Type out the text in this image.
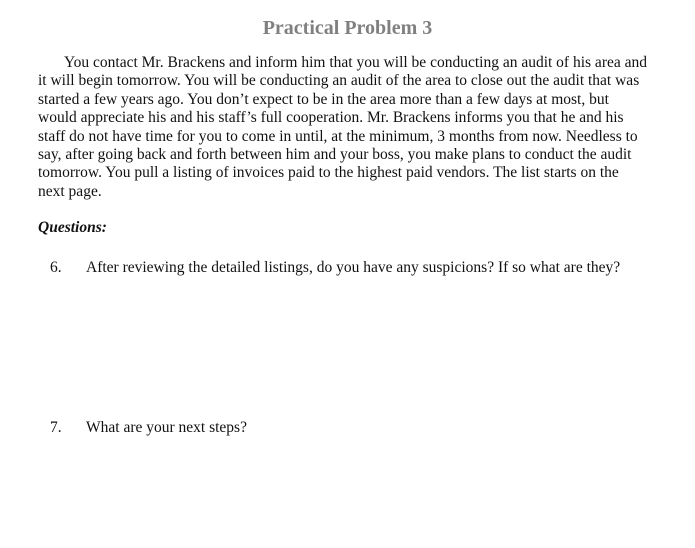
Practical Problem 3

You contact Mr. Brackens and inform him that you will be conducting an audit of his area and
it will begin tomorrow. You will be conducting an audit of the area to close out the audit that was
started a few years ago. You don’t expect to be in the area more than a few days at most, but
would appreciate his and his staff’s full cooperation. Mr. Brackens informs you that he and his
staff do not have time for you to come in until, at the minimum, 3 months from now. Needless to
say, after going back and forth between him and your boss, you make plans to conduct the audit
tomorrow. You pull a listing of invoices paid to the highest paid vendors. The list starts on the
next page.

Questions:
6. After reviewing the detailed listings, do you have any suspicions? If so what are they?
7. What are your next steps?
